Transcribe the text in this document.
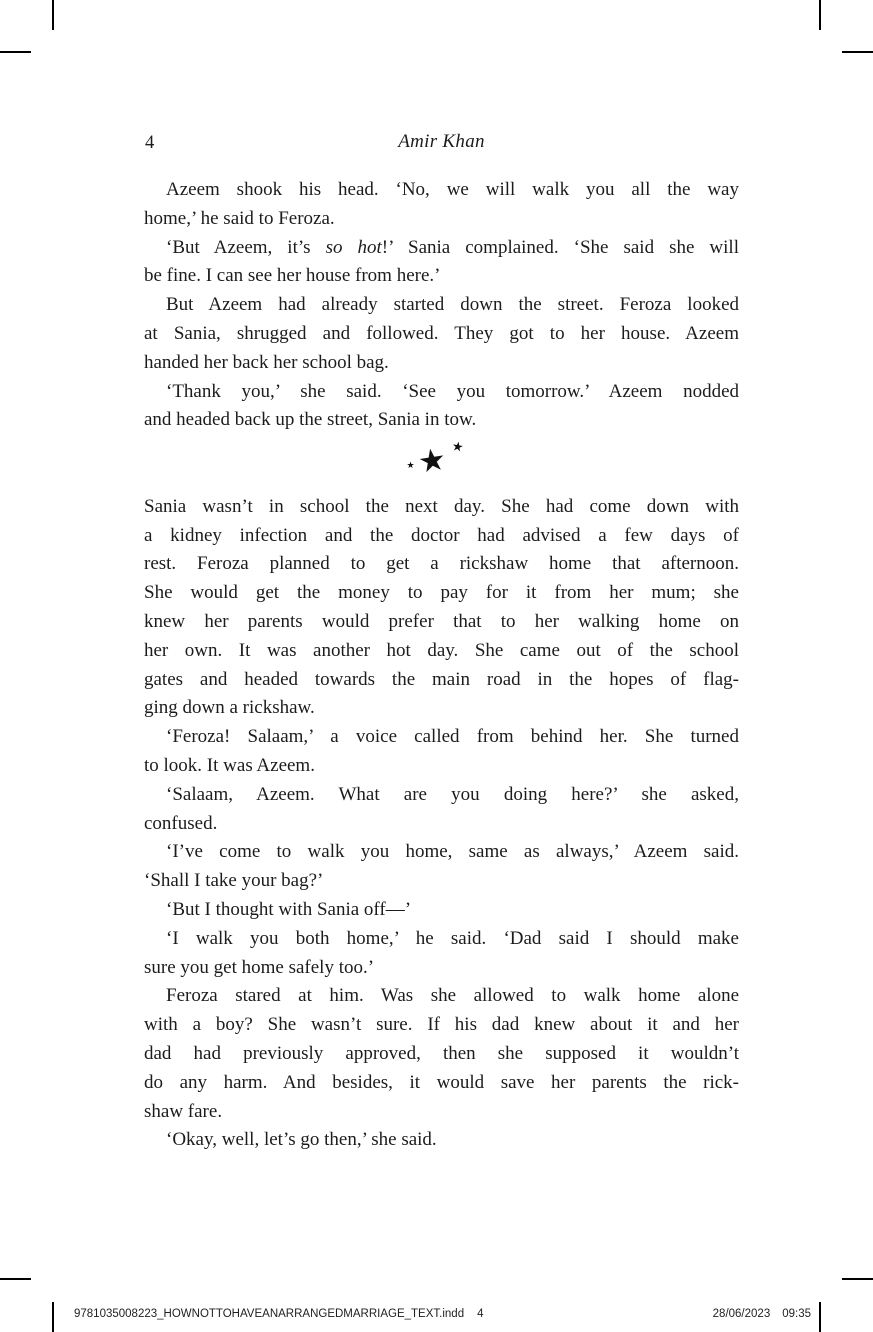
4	Amir Khan
Azeem shook his head. ‘No, we will walk you all the way
home,’ he said to Feroza.
‘But Azeem, it’s so hot!’ Sania complained. ‘She said she will
be fine. I can see her house from here.’
But Azeem had already started down the street. Feroza looked
at Sania, shrugged and followed. They got to her house. Azeem
handed her back her school bag.
‘Thank you,’ she said. ‘See you tomorrow.’ Azeem nodded
and headed back up the street, Sania in tow.
★ ★ ★
Sania wasn’t in school the next day. She had come down with
a kidney infection and the doctor had advised a few days of
rest. Feroza planned to get a rickshaw home that afternoon.
She would get the money to pay for it from her mum; she
knew her parents would prefer that to her walking home on
her own. It was another hot day. She came out of the school
gates and headed towards the main road in the hopes of flag-
ging down a rickshaw.
‘Feroza! Salaam,’ a voice called from behind her. She turned
to look. It was Azeem.
‘Salaam, Azeem. What are you doing here?’ she asked,
confused.
‘I’ve come to walk you home, same as always,’ Azeem said.
‘Shall I take your bag?’
‘But I thought with Sania off—’
‘I walk you both home,’ he said. ‘Dad said I should make
sure you get home safely too.’
Feroza stared at him. Was she allowed to walk home alone
with a boy? She wasn’t sure. If his dad knew about it and her
dad had previously approved, then she supposed it wouldn’t
do any harm. And besides, it would save her parents the rick-
shaw fare.
‘Okay, well, let’s go then,’ she said.
9781035008223_HOWNOTTOHAVEANARRANGEDMARRIAGE_TEXT.indd 4	28/06/2023 09:35
